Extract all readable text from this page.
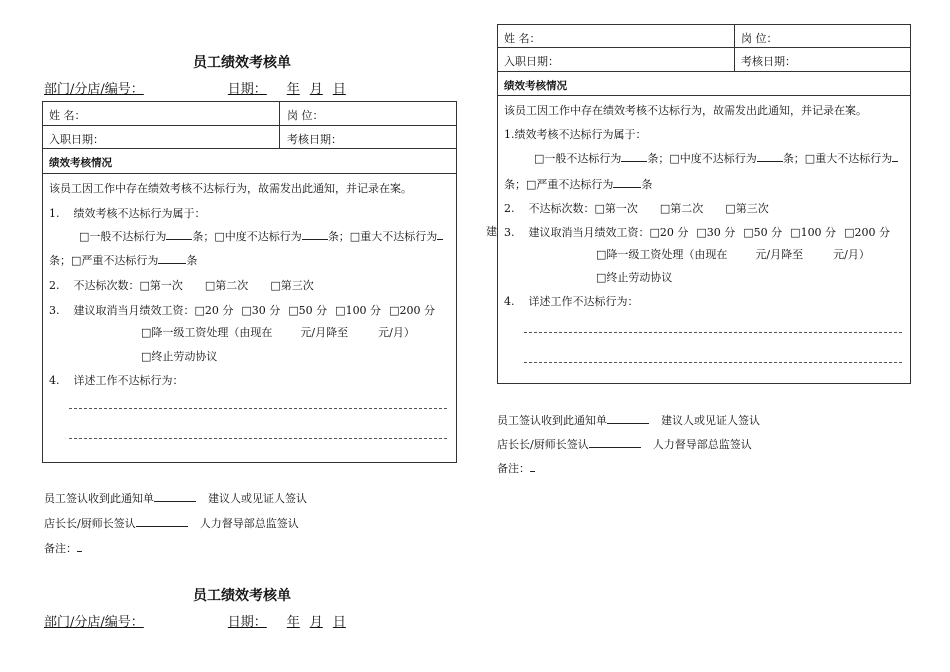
员工绩效考核单
部门/分店/编号：	日期： 年 月 日
姓 名：	岗 位：
入职日期：	考核日期：
绩效考核情况
该员工因工作中存在绩效考核不达标行为，故需发出此通知，并记录在案。
1. 绩效考核不达标行为属于：
□一般不达标行为 条；□中度不达标行为 条；□重大不达标行为
条；□严重不达标行为	条
2. 不达标次数：□第一次 □第二次 □第三次
3. 建议取消当月绩效工资：□20 分 □30 分 □50 分 □100 分 □200 分
□降一级工资处理（由现在	元/月降至	元/月）
□终止劳动协议
4. 详述工作不达标行为：
员工签认收到此通知单	建议人或见证人签认
店长长/厨师长签认	人力督导部总监签认
备注：
员工绩效考核单
部门/分店/编号：	日期： 年 月 日
姓 名：	岗 位：
入职日期：	考核日期：
绩效考核情况
该员工因工作中存在绩效考核不达标行为，故需发出此通知，并记录在案。
1.绩效考核不达标行为属于：
□一般不达标行为 条；□中度不达标行为 条；□重大不达标行为
条；□严重不达标行为	条
2. 不达标次数：□第一次 □第二次 □第三次
3. 建议取消当月绩效工资：□20 分 □30 分 □50 分 □100 分 □200 分
□降一级工资处理（由现在	元/月降至	元/月）
□终止劳动协议
4. 详述工作不达标行为：
建
员工签认收到此通知单	建议人或见证人签认
店长长/厨师长签认	人力督导部总监签认
备注：
